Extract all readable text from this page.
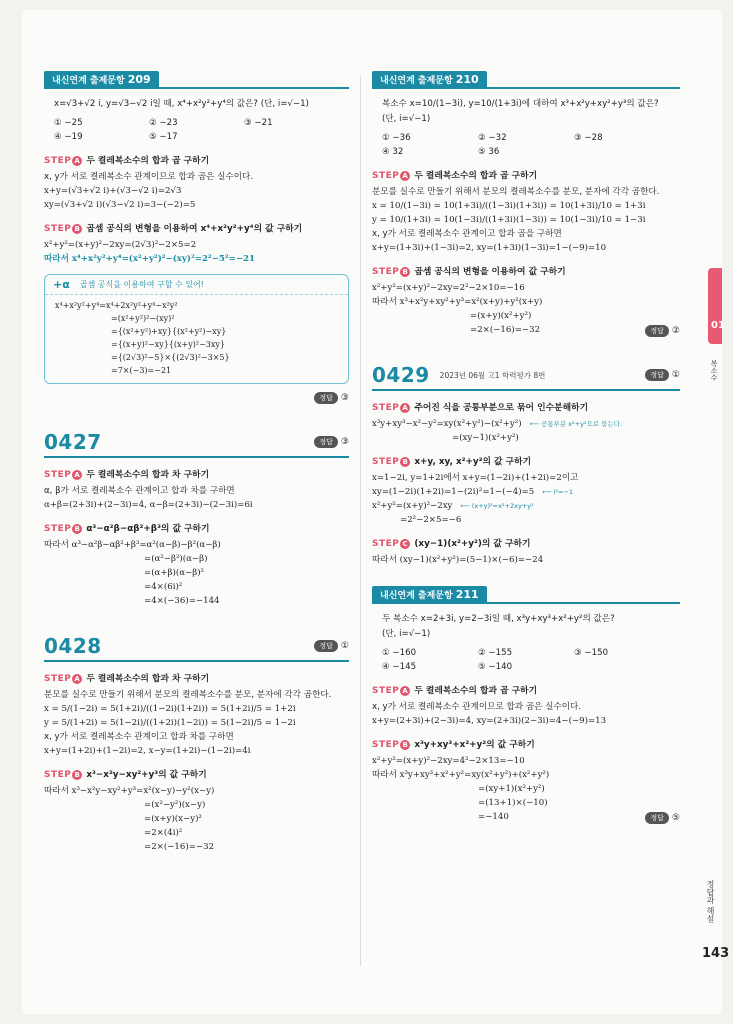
내신연계 출제문항 209
x=√3+√2 i, y=√3−√2 i일 때, x⁴+x²y²+y⁴의 값은? (단, i=√−1)
① −25	② −23	③ −21
④ −19	⑤ −17
STEP A 두 켤레복소수의 합과 곱 구하기
x, y가 서로 켤레복소수 관계이므로 합과 곱은 실수이다.
x+y=(√3+√2 i)+(√3−√2 i)=2√3
xy=(√3+√2 i)(√3−√2 i)=3−(−2)=5
STEP B 곱셈 공식의 변형을 이용하여 x⁴+x²y²+y⁴의 값 구하기
x²+y²=(x+y)²−2xy=(2√3)²−2×5=2
따라서 x⁴+x²y²+y⁴=(x²+y²)²−(xy)²=2²−5²=−21
+α 곱셈 공식을 이용하여 구할 수 있어!
x⁴+x²y²+y⁴=x⁴+2x²y²+y⁴−x²y²
=(x²+y²)²−(xy)²
={(x²+y²)+xy}{(x²+y²)−xy}
={(x+y)²−xy}{(x+y)²−3xy}
={(2√3)²−5}×{(2√3)²−3×5}
=7×(−3)=−21
정답 ③
0427	정답 ③
STEP A 두 켤레복소수의 합과 차 구하기
α, β가 서로 켤레복소수 관계이고 합과 차를 구하면
α+β=(2+3i)+(2−3i)=4, α−β=(2+3i)−(2−3i)=6i
STEP B α³−α²β−αβ²+β³의 값 구하기
따라서 α³−α²β−αβ²+β³=α²(α−β)−β²(α−β)
=(α²−β²)(α−β)
=(α+β)(α−β)²
=4×(6i)²
=4×(−36)=−144
0428	정답 ①
STEP A 두 켤레복소수의 합과 차 구하기
분모를 실수로 만들기 위해서 분모의 켤레복소수를 분모, 분자에 각각 곱한다.
x = 5/(1−2i) = 5(1+2i)/((1−2i)(1+2i)) = 5(1+2i)/5 = 1+2i
y = 5/(1+2i) = 5(1−2i)/((1+2i)(1−2i)) = 5(1−2i)/5 = 1−2i
x, y가 서로 켤레복소수 관계이고 합과 차를 구하면
x+y=(1+2i)+(1−2i)=2, x−y=(1+2i)−(1−2i)=4i
STEP B x³−x²y−xy²+y³의 값 구하기
따라서 x³−x²y−xy²+y³=x²(x−y)−y²(x−y)
=(x²−y²)(x−y)
=(x+y)(x−y)²
=2×(4i)²
=2×(−16)=−32
내신연계 출제문항 210
복소수 x=10/(1−3i), y=10/(1+3i)에 대하여 x³+x²y+xy²+y³의 값은?
(단, i=√−1)
① −36	② −32	③ −28
④ 32	⑤ 36
STEP A 두 켤레복소수의 합과 곱 구하기
분모를 실수로 만들기 위해서 분모의 켤레복소수를 분모, 분자에 각각 곱한다.
x = 10/(1−3i) = 10(1+3i)/((1−3i)(1+3i)) = 10(1+3i)/10 = 1+3i
y = 10/(1+3i) = 10(1−3i)/((1+3i)(1−3i)) = 10(1−3i)/10 = 1−3i
x, y가 서로 켤레복소수 관계이고 합과 곱을 구하면
x+y=(1+3i)+(1−3i)=2, xy=(1+3i)(1−3i)=1−(−9)=10
STEP B 곱셈 공식의 변형을 이용하여 값 구하기
x²+y²=(x+y)²−2xy=2²−2×10=−16
따라서 x³+x²y+xy²+y³=x²(x+y)+y²(x+y)
=(x+y)(x²+y²)
=2×(−16)=−32	정답 ②
0429 2023년 06월 고1 학력평가 8번	정답 ①
STEP A 주어진 식을 공통부분으로 묶어 인수분해하기
x³y+xy³−x²−y²=xy(x²+y²)−(x²+y²) ⟵ 공통부분 x²+y²으로 묶는다.
=(xy−1)(x²+y²)
STEP B x+y, xy, x²+y²의 값 구하기
x=1−2i, y=1+2i에서 x+y=(1−2i)+(1+2i)=2이고
xy=(1−2i)(1+2i)=1−(2i)²=1−(−4)=5 ⟵ i²=−1
x²+y²=(x+y)²−2xy ⟵ (x+y)²=x²+2xy+y²
=2²−2×5=−6
STEP C (xy−1)(x²+y²)의 값 구하기
따라서 (xy−1)(x²+y²)=(5−1)×(−6)=−24
내신연계 출제문항 211
두 복소수 x=2+3i, y=2−3i일 때, x³y+xy³+x²+y²의 값은?
(단, i=√−1)
① −160	② −155	③ −150
④ −145	⑤ −140
STEP A 두 켤레복소수의 합과 곱 구하기
x, y가 서로 켤레복소수 관계이므로 합과 곱은 실수이다.
x+y=(2+3i)+(2−3i)=4, xy=(2+3i)(2−3i)=4−(−9)=13
STEP B x³y+xy³+x²+y²의 값 구하기
x²+y²=(x+y)²−2xy=4²−2×13=−10
따라서 x³y+xy³+x²+y²=xy(x²+y²)+(x²+y²)
=(xy+1)(x²+y²)
=(13+1)×(−10)
=−140	정답 ⑤
01
복소수
정답과 해설
143
